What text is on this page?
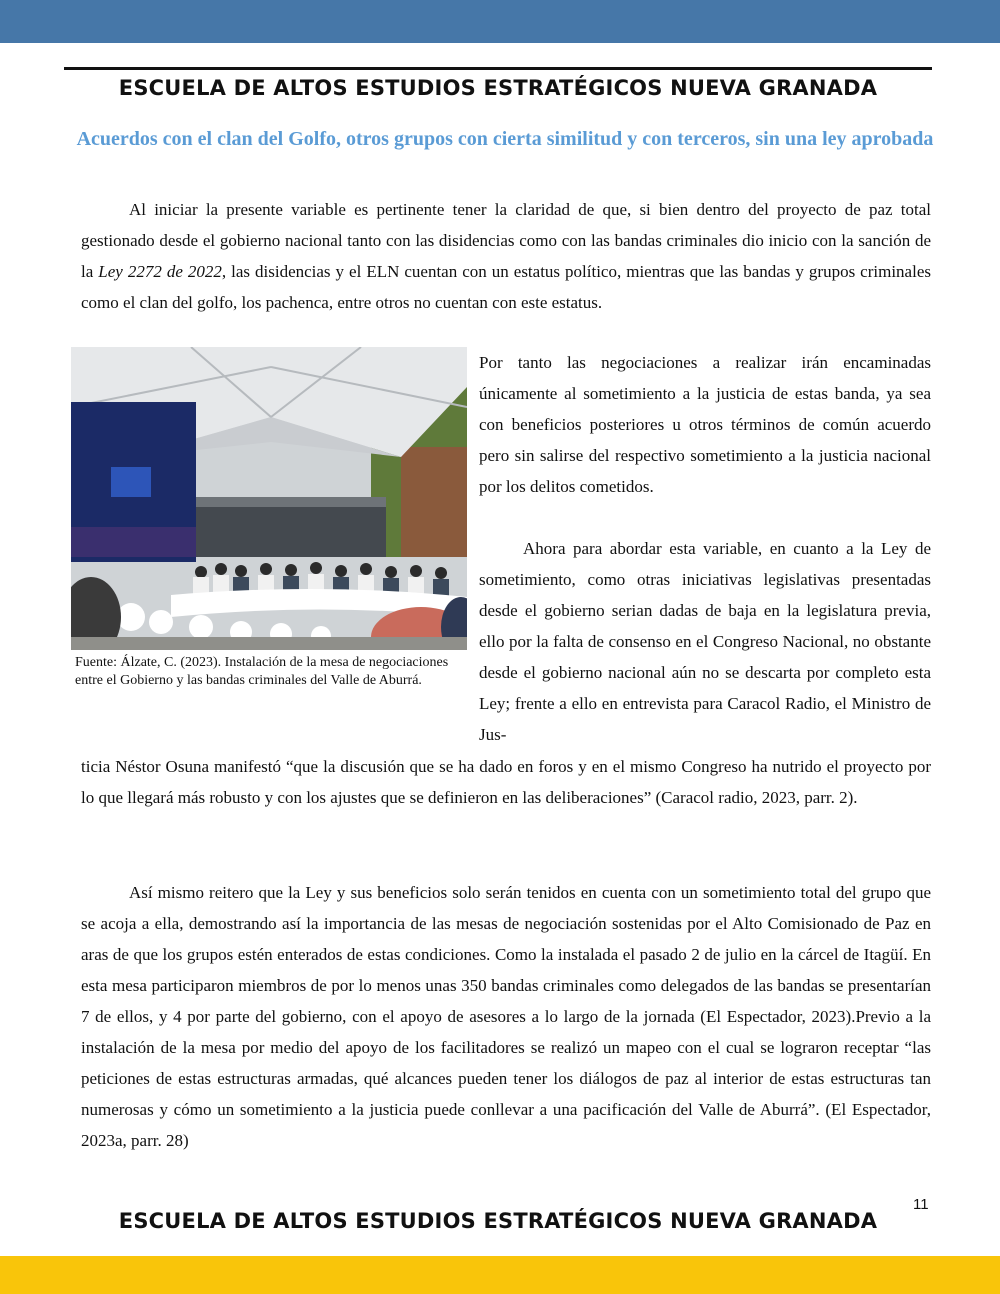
ESCUELA DE ALTOS ESTUDIOS ESTRATÉGICOS NUEVA GRANADA
Acuerdos con el clan del Golfo, otros grupos con cierta similitud y con terceros, sin una ley aprobada
Al iniciar la presente variable es pertinente tener la claridad de que, si bien dentro del proyecto de paz total gestionado desde el gobierno nacional tanto con las disidencias como con las bandas criminales dio inicio con la sanción de la Ley 2272 de 2022, las disidencias y el ELN cuentan con un estatus político, mientras que las bandas y grupos criminales como el clan del golfo, los pachenca, entre otros no cuentan con este estatus.
Fuente: Álzate, C. (2023). Instalación de la mesa de negociaciones entre el Gobierno y las bandas criminales del Valle de Aburrá.
Por tanto las negociaciones a realizar irán encaminadas únicamente al sometimiento a la justicia de estas banda, ya sea con beneficios posteriores u otros términos de común acuerdo pero sin salirse del respectivo sometimiento a la justicia nacional por los delitos cometidos.
Ahora para abordar esta variable, en cuanto a la Ley de sometimiento, como otras iniciativas legislativas presentadas desde el gobierno serian dadas de baja en la legislatura previa, ello por la falta de consenso en el Congreso Nacional, no obstante desde el gobierno nacional aún no se descarta por completo esta Ley; frente a ello en entrevista para Caracol Radio, el Ministro de Jus-
ticia Néstor Osuna manifestó “que la discusión que se ha dado en foros y en el mismo Congreso ha nutrido el proyecto por lo que llegará más robusto y con los ajustes que se definieron en las deliberaciones” (Caracol radio, 2023, parr. 2).
Así mismo reitero que la Ley y sus beneficios solo serán tenidos en cuenta con un sometimiento total del grupo que se acoja a ella, demostrando así la importancia de las mesas de negociación sostenidas por el Alto Comisionado de Paz en aras de que los grupos estén enterados de estas condiciones. Como la instalada el pasado 2 de julio en la cárcel de Itagüí. En esta mesa participaron miembros de por lo menos unas 350 bandas criminales como delegados de las bandas se presentarían 7 de ellos, y 4 por parte del gobierno, con el apoyo de asesores a lo largo de la jornada (El Espectador, 2023).Previo a la instalación de la mesa por medio del apoyo de los facilitadores se realizó un mapeo con el cual se lograron receptar “las peticiones de estas estructuras armadas, qué alcances pueden tener los diálogos de paz al interior de estas estructuras tan numerosas y cómo un sometimiento a la justicia puede conllevar a una pacificación del Valle de Aburrá”. (El Espectador, 2023a, parr. 28)
11
ESCUELA DE ALTOS ESTUDIOS ESTRATÉGICOS NUEVA GRANADA
